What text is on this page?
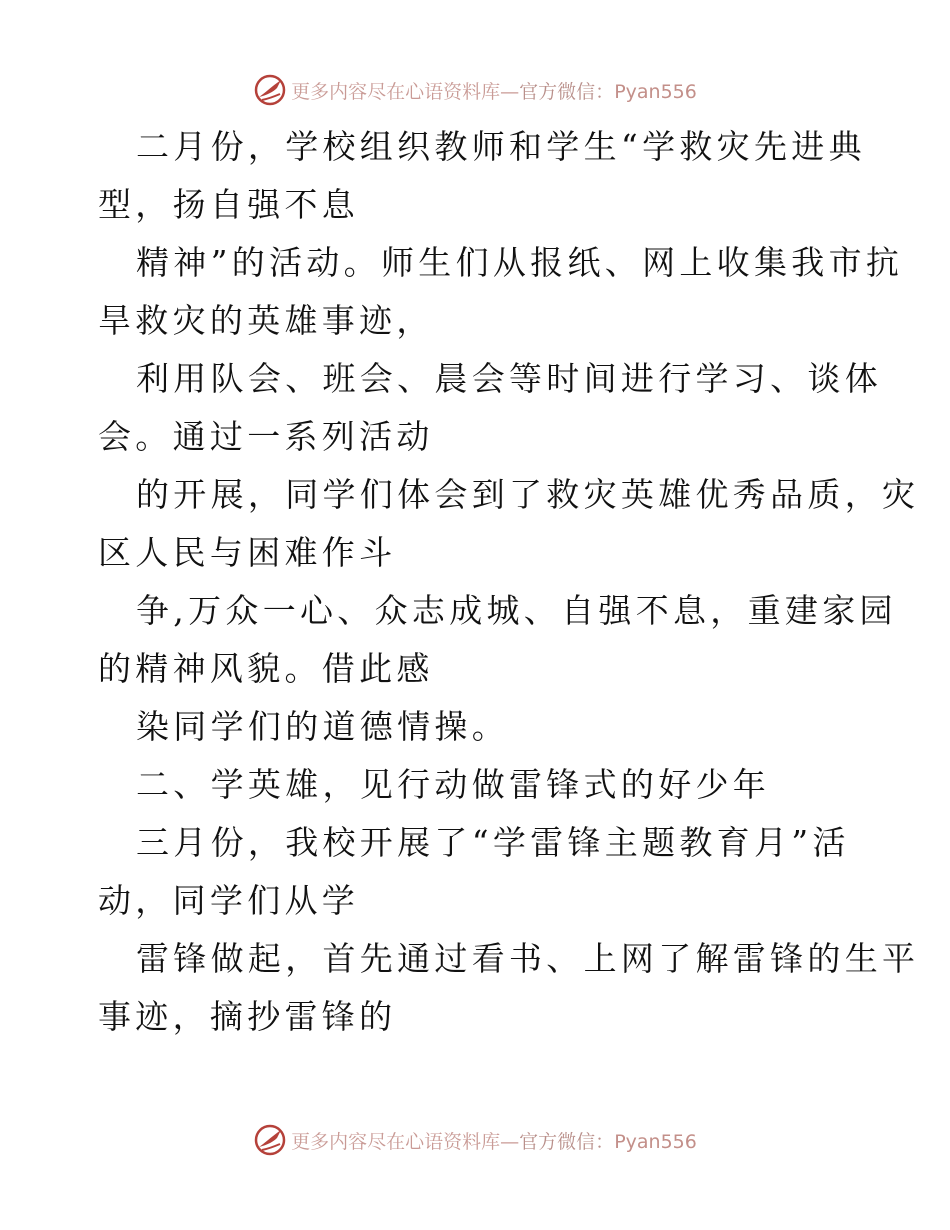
更多内容尽在心语资料库—官方微信：Pyan556
二月份，学校组织教师和学生“学救灾先进典
型，扬自强不息
精神”的活动。师生们从报纸、网上收集我市抗
旱救灾的英雄事迹，
利用队会、班会、晨会等时间进行学习、谈体
会。通过一系列活动
的开展，同学们体会到了救灾英雄优秀品质，灾
区人民与困难作斗
争,万众一心、众志成城、自强不息，重建家园
的精神风貌。借此感
染同学们的道德情操。
二、学英雄，见行动做雷锋式的好少年
三月份，我校开展了“学雷锋主题教育月”活
动，同学们从学
雷锋做起，首先通过看书、上网了解雷锋的生平
事迹，摘抄雷锋的
更多内容尽在心语资料库—官方微信：Pyan556
